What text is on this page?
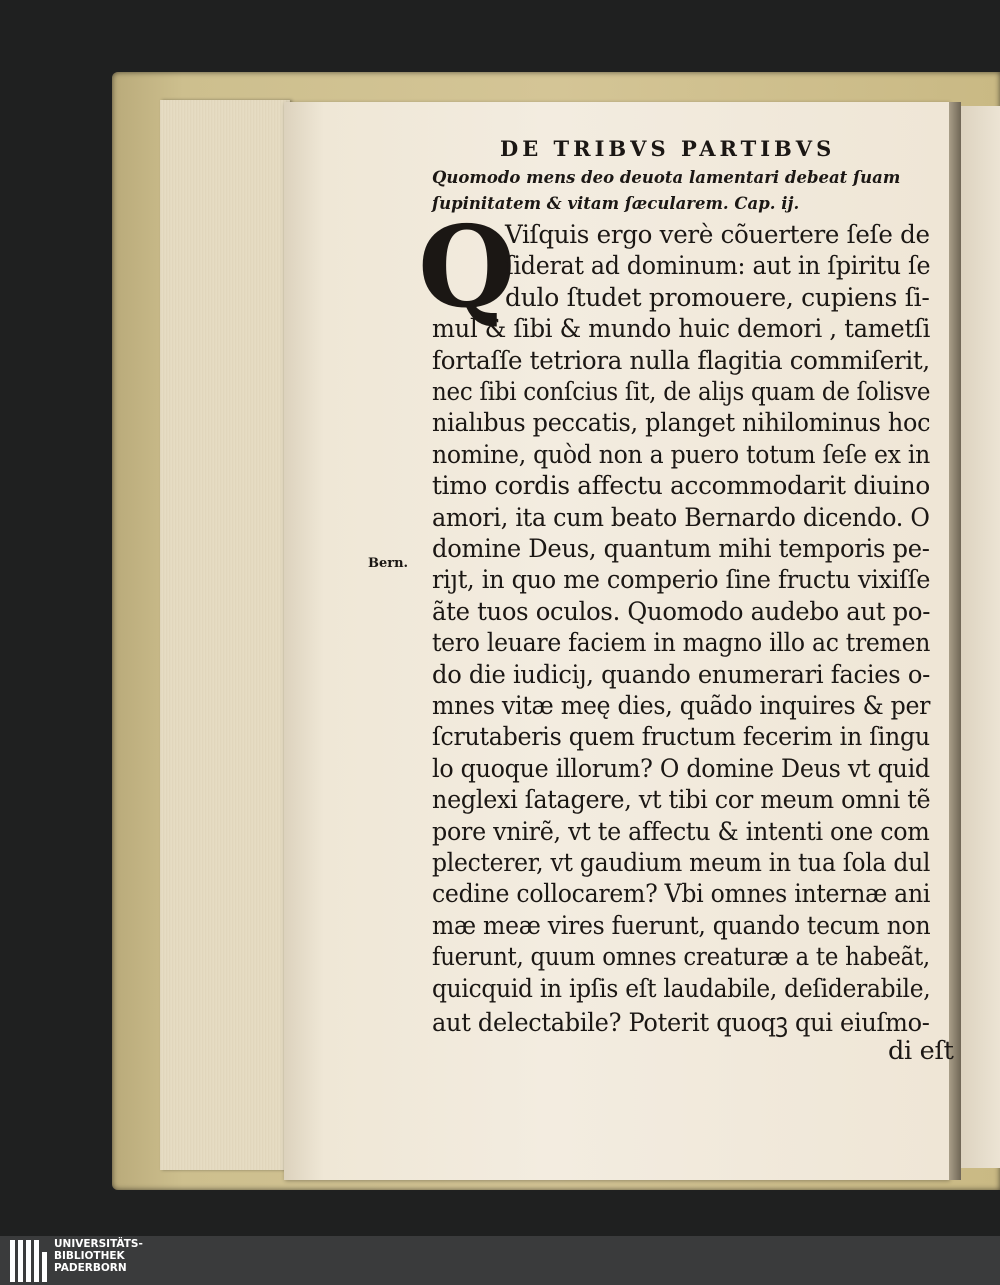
DE TRIBVS PARTIBVS
Quomodo mens deo deuota lamentari debeat ſuam
ſupinitatem & vitam ſæcularem. Cap. ij.
Q
Bern.
Viſquis ergo verè cõuertere ſeſe de
ſiderat ad dominum: aut in ſpiritu ſe
dulo ſtudet promouere, cupiens ſi-
mul & ſibi & mundo huic demori , tametſi
fortaſſe tetriora nulla flagitia commiſerit,
nec ſibi conſcius ſit, de aliȷs quam de ſolisve
nialıbus peccatis, planget nihilominus hoc
nomine, quòd non a puero totum ſeſe ex in
timo cordis affectu accommodarit diuino
amori, ita cum beato Bernardo dicendo. O
domine Deus, quantum mihi temporis pe-
riȷt, in quo me comperio ſine fructu vixiſſe
ãte tuos oculos. Quomodo audebo aut po-
tero leuare faciem in magno illo ac tremen
do die iudiciȷ, quando enumerari facies o-
mnes vitæ meę dies, quãdo inquires & per
ſcrutaberis quem fructum fecerim in ſingu
lo quoque illorum? O domine Deus vt quid
neglexi ſatagere, vt tibi cor meum omni tẽ
pore vnirẽ, vt te affectu & intenti one com
plecterer, vt gaudium meum in tua ſola dul
cedine collocarem? Vbi omnes internæ ani
mæ meæ vires fuerunt, quando tecum non
fuerunt, quum omnes creaturæ a te habeãt,
quicquid in ipſis eſt laudabile, deſiderabile,
aut delectabile? Poterit quoqꝫ qui eiuſmo-
di eſt
UNIVERSITÄTS-
BIBLIOTHEK
PADERBORN
